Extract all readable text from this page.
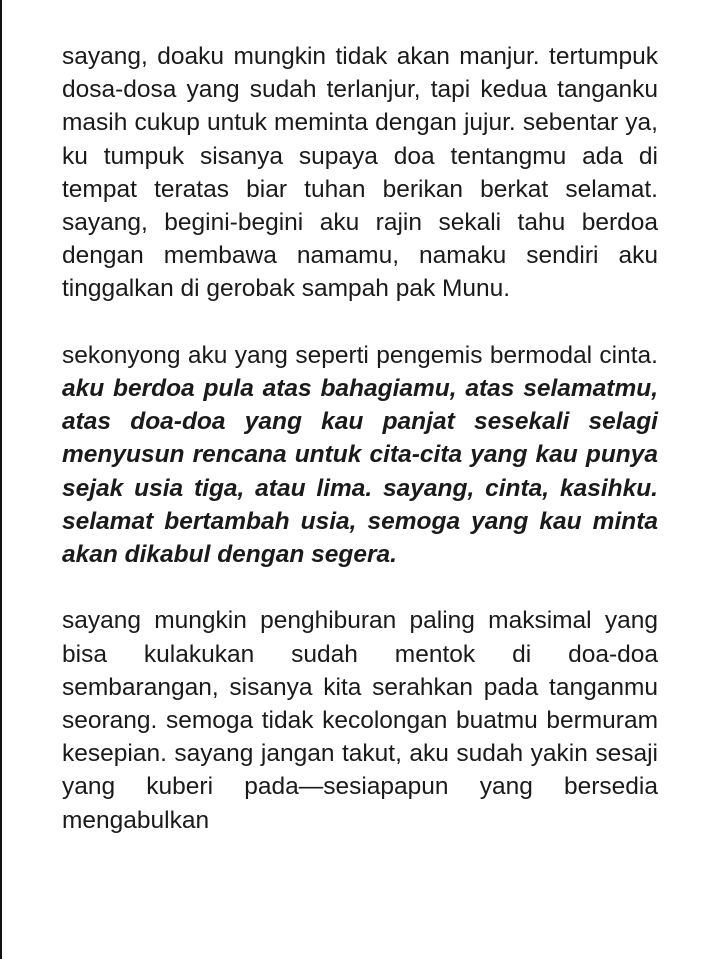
sayang, doaku mungkin tidak akan manjur. tertumpuk dosa-dosa yang sudah terlanjur, tapi kedua tanganku masih cukup untuk meminta dengan jujur. sebentar ya, ku tumpuk sisanya supaya doa tentangmu ada di tempat teratas biar tuhan berikan berkat selamat. sayang, begini-begini aku rajin sekali tahu berdoa dengan membawa namamu, namaku sendiri aku tinggalkan di gerobak sampah pak Munu.

sekonyong aku yang seperti pengemis bermodal cinta. aku berdoa pula atas bahagiamu, atas selamatmu, atas doa-doa yang kau panjat sesekali selagi menyusun rencana untuk cita-cita yang kau punya sejak usia tiga, atau lima. sayang, cinta, kasihku. selamat bertambah usia, semoga yang kau minta akan dikabul dengan segera.

sayang mungkin penghiburan paling maksimal yang bisa kulakukan sudah mentok di doa-doa sembarangan, sisanya kita serahkan pada tanganmu seorang. semoga tidak kecolongan buatmu bermuram kesepian. sayang jangan takut, aku sudah yakin sesaji yang kuberi pada—sesiapapun yang bersedia mengabulkan
